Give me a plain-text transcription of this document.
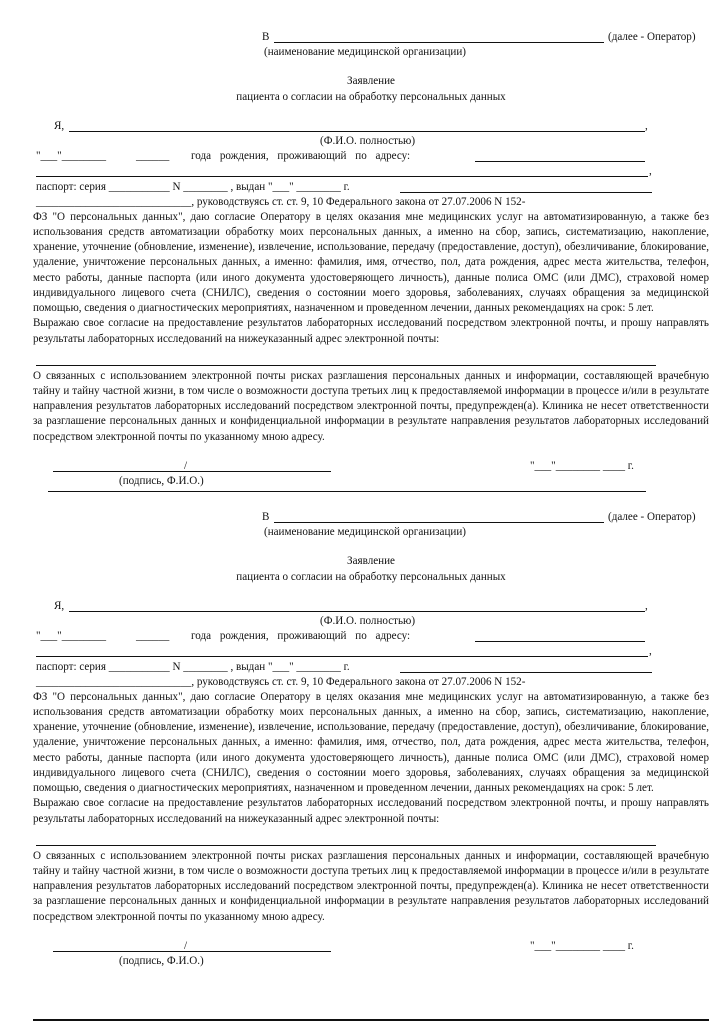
В	(далее - Оператор)
(наименование медицинской организации)
Заявление
пациента о согласии на обработку персональных данных
Я,	,
(Ф.И.О. полностью)
"___"________	______ года рождения, проживающий по адресу:
,
паспорт: серия ___________ N ________ , выдан "___" ________ г.
____________________________, руководствуясь ст. ст. 9, 10 Федерального закона от 27.07.2006 N 152-

ФЗ "О персональных данных", даю согласие Оператору в целях оказания мне медицинских услуг на автоматизированную, а также без использования средств автоматизации обработку моих персональных данных, а именно на сбор, запись, систематизацию, накопление, хранение, уточнение (обновление, изменение), извлечение, использование, передачу (предоставление, доступ), обезличивание, блокирование, удаление, уничтожение персональных данных, а именно: фамилия, имя, отчество, пол, дата рождения, адрес места жительства, телефон, место работы, данные паспорта (или иного документа удостоверяющего личность), данные полиса ОМС (или ДМС), страховой номер индивидуального лицевого счета (СНИЛС), сведения о состоянии моего здоровья, заболеваниях, случаях обращения за медицинской помощью, сведения о диагностических мероприятиях, назначенном и проведенном лечении, данных рекомендациях на срок: 5 лет.

Выражаю свое согласие на предоставление результатов лабораторных исследований посредством электронной почты, и прошу направлять результаты лабораторных исследований на нижеуказанный адрес электронной почты:

О связанных с использованием электронной почты рисках разглашения персональных данных и информации, составляющей врачебную тайну и тайну частной жизни, в том числе о возможности доступа третьих лиц к предоставляемой информации в процессе и/или в результате направления результатов лабораторных исследований посредством электронной почты, предупрежден(а). Клиника не несет ответственности за разглашение персональных данных и конфиденциальной информации в результате направления результатов лабораторных исследований посредством электронной почты по указанному мною адресу.

/	"___"________ ____ г.
(подпись, Ф.И.О.)
В	(далее - Оператор)
(наименование медицинской организации)
Заявление
пациента о согласии на обработку персональных данных
Я,	,
(Ф.И.О. полностью)
"___"________	______ года рождения, проживающий по адресу:
,
паспорт: серия ___________ N ________ , выдан "___" ________ г.
____________________________, руководствуясь ст. ст. 9, 10 Федерального закона от 27.07.2006 N 152-

ФЗ "О персональных данных", даю согласие Оператору в целях оказания мне медицинских услуг на автоматизированную, а также без использования средств автоматизации обработку моих персональных данных, а именно на сбор, запись, систематизацию, накопление, хранение, уточнение (обновление, изменение), извлечение, использование, передачу (предоставление, доступ), обезличивание, блокирование, удаление, уничтожение персональных данных, а именно: фамилия, имя, отчество, пол, дата рождения, адрес места жительства, телефон, место работы, данные паспорта (или иного документа удостоверяющего личность), данные полиса ОМС (или ДМС), страховой номер индивидуального лицевого счета (СНИЛС), сведения о состоянии моего здоровья, заболеваниях, случаях обращения за медицинской помощью, сведения о диагностических мероприятиях, назначенном и проведенном лечении, данных рекомендациях на срок: 5 лет.

Выражаю свое согласие на предоставление результатов лабораторных исследований посредством электронной почты, и прошу направлять результаты лабораторных исследований на нижеуказанный адрес электронной почты:

О связанных с использованием электронной почты рисках разглашения персональных данных и информации, составляющей врачебную тайну и тайну частной жизни, в том числе о возможности доступа третьих лиц к предоставляемой информации в процессе и/или в результате направления результатов лабораторных исследований посредством электронной почты, предупрежден(а). Клиника не несет ответственности за разглашение персональных данных и конфиденциальной информации в результате направления результатов лабораторных исследований посредством электронной почты по указанному мною адресу.

/	"___"________ ____ г.
(подпись, Ф.И.О.)
